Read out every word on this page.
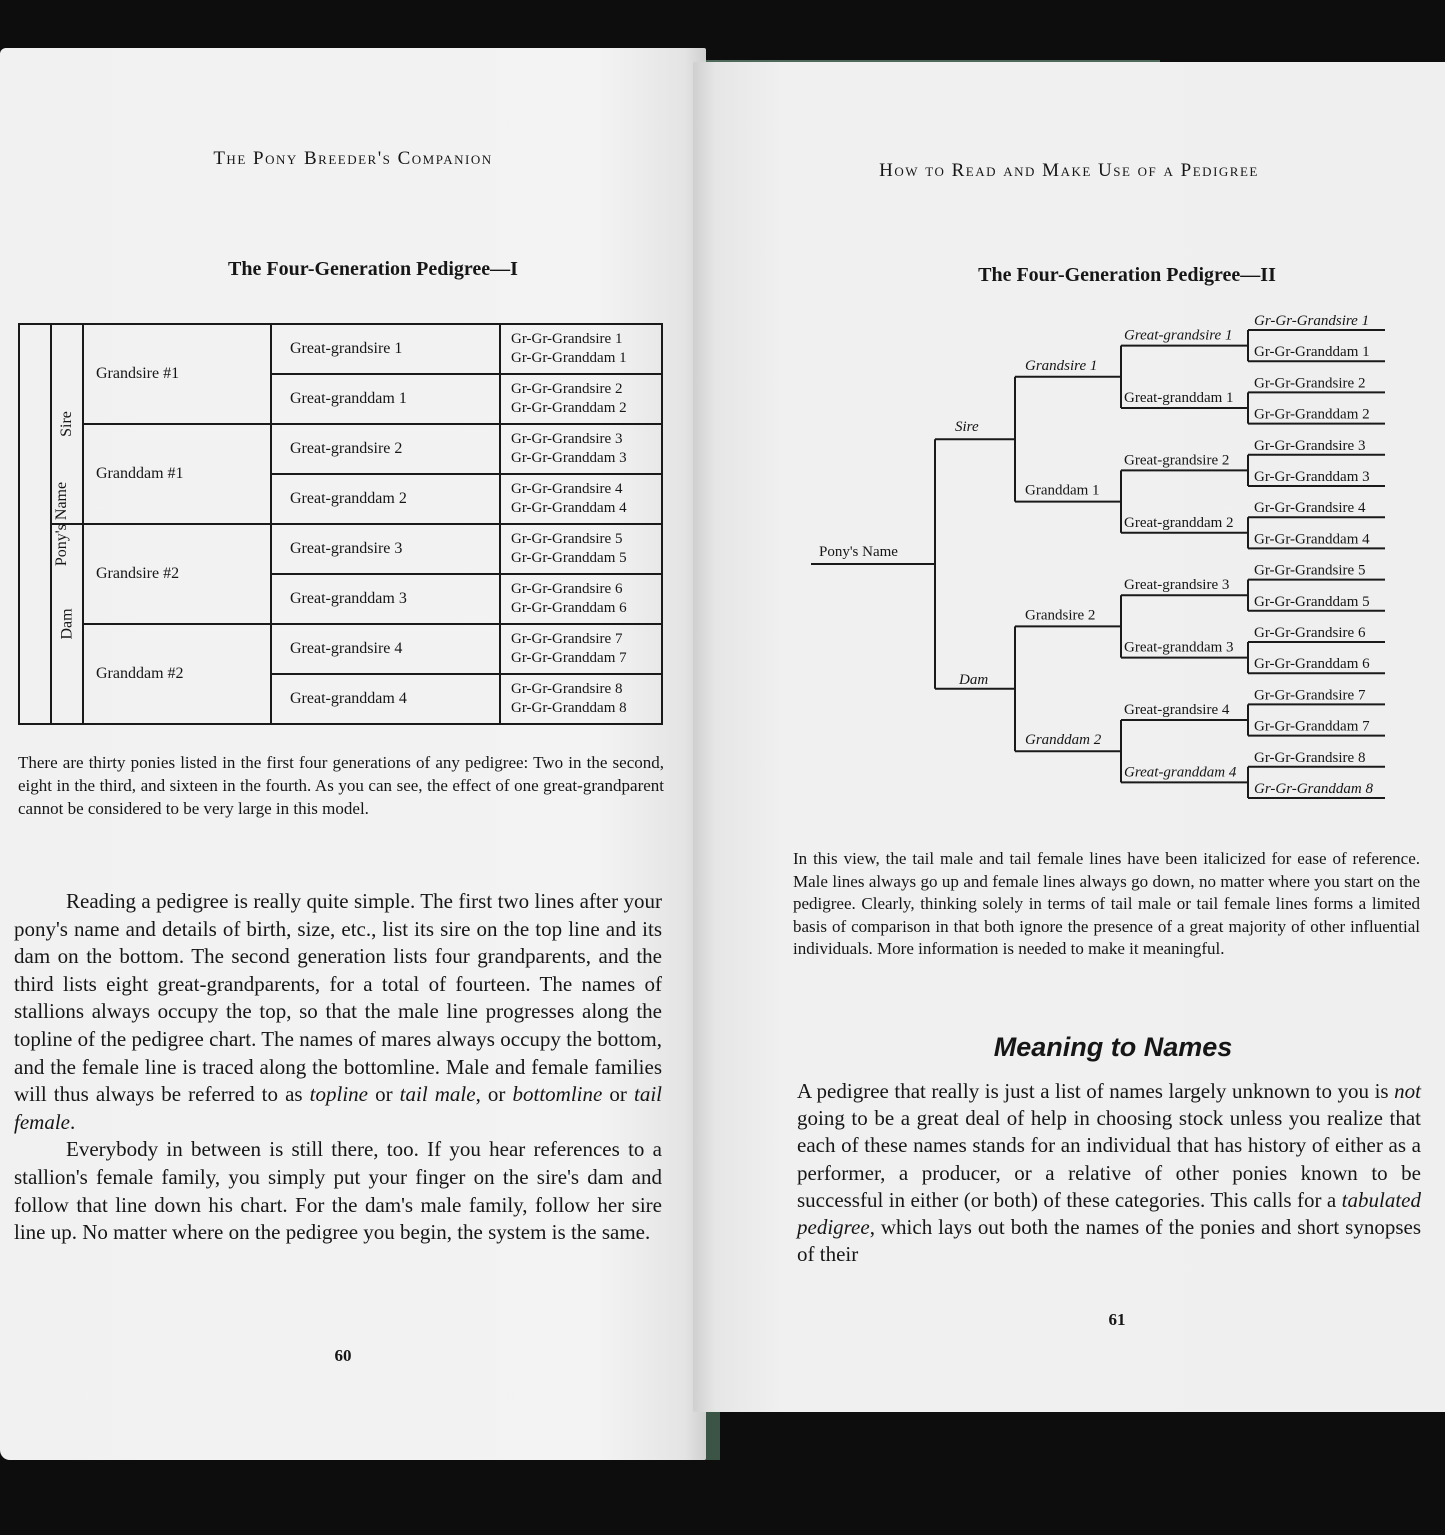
The Pony Breeder's Companion
The Four-Generation Pedigree—I
Pony's Name	Sire	Grandsire #1	Great-grandsire 1	Gr-Gr-Grandsire 1
Gr-Gr-Granddam 1

			Great-granddam 1	Gr-Gr-Grandsire 2
Gr-Gr-Granddam 2

		Granddam #1	Great-grandsire 2	Gr-Gr-Grandsire 3
Gr-Gr-Granddam 3

			Great-granddam 2	Gr-Gr-Grandsire 4
Gr-Gr-Granddam 4

	Dam	Grandsire #2	Great-grandsire 3	Gr-Gr-Grandsire 5
Gr-Gr-Granddam 5

			Great-granddam 3	Gr-Gr-Grandsire 6
Gr-Gr-Granddam 6

		Granddam #2	Great-grandsire 4	Gr-Gr-Grandsire 7
Gr-Gr-Granddam 7

			Great-granddam 4	Gr-Gr-Grandsire 8
Gr-Gr-Granddam 8

There are thirty ponies listed in the first four generations of any pedigree: Two in the second, eight in the third, and sixteen in the fourth. As you can see, the effect of one great-grandparent cannot be considered to be very large in this model.

Reading a pedigree is really quite simple. The first two lines after your pony's name and details of birth, size, etc., list its sire on the top line and its dam on the bottom. The second generation lists four grandparents, and the third lists eight great-grandparents, for a total of fourteen. The names of stallions always occupy the top, so that the male line progresses along the topline of the pedigree chart. The names of mares always occupy the bottom, and the female line is traced along the bottomline. Male and female families will thus always be referred to as topline or tail male, or bottomline or tail female.

Everybody in between is still there, too. If you hear references to a stallion's female family, you simply put your finger on the sire's dam and follow that line down his chart. For the dam's male family, follow her sire line up. No matter where on the pedigree you begin, the system is the same.

60
How to Read and Make Use of a Pedigree
The Four-Generation Pedigree—II
Gr-Gr-Grandsire 1
Gr-Gr-Granddam 1
Gr-Gr-Grandsire 2
Gr-Gr-Granddam 2
Gr-Gr-Grandsire 3
Gr-Gr-Granddam 3
Gr-Gr-Grandsire 4
Gr-Gr-Granddam 4
Gr-Gr-Grandsire 5
Gr-Gr-Granddam 5
Gr-Gr-Grandsire 6
Gr-Gr-Granddam 6
Gr-Gr-Grandsire 7
Gr-Gr-Granddam 7
Gr-Gr-Grandsire 8
Gr-Gr-Granddam 8
Great-grandsire 1
Great-granddam 1
Great-grandsire 2
Great-granddam 2
Great-grandsire 3
Great-granddam 3
Great-grandsire 4
Great-granddam 4
Grandsire 1
Granddam 1
Grandsire 2
Granddam 2
Sire
Dam
Pony's Name

In this view, the tail male and tail female lines have been italicized for ease of reference. Male lines always go up and female lines always go down, no matter where you start on the pedigree. Clearly, thinking solely in terms of tail male or tail female lines forms a limited basis of comparison in that both ignore the presence of a great majority of other influential individuals. More information is needed to make it meaningful.

Meaning to Names

A pedigree that really is just a list of names largely unknown to you is not going to be a great deal of help in choosing stock unless you realize that each of these names stands for an individual that has history of either as a performer, a producer, or a relative of other ponies known to be successful in either (or both) of these categories. This calls for a tabulated pedigree, which lays out both the names of the ponies and short synopses of their

61
